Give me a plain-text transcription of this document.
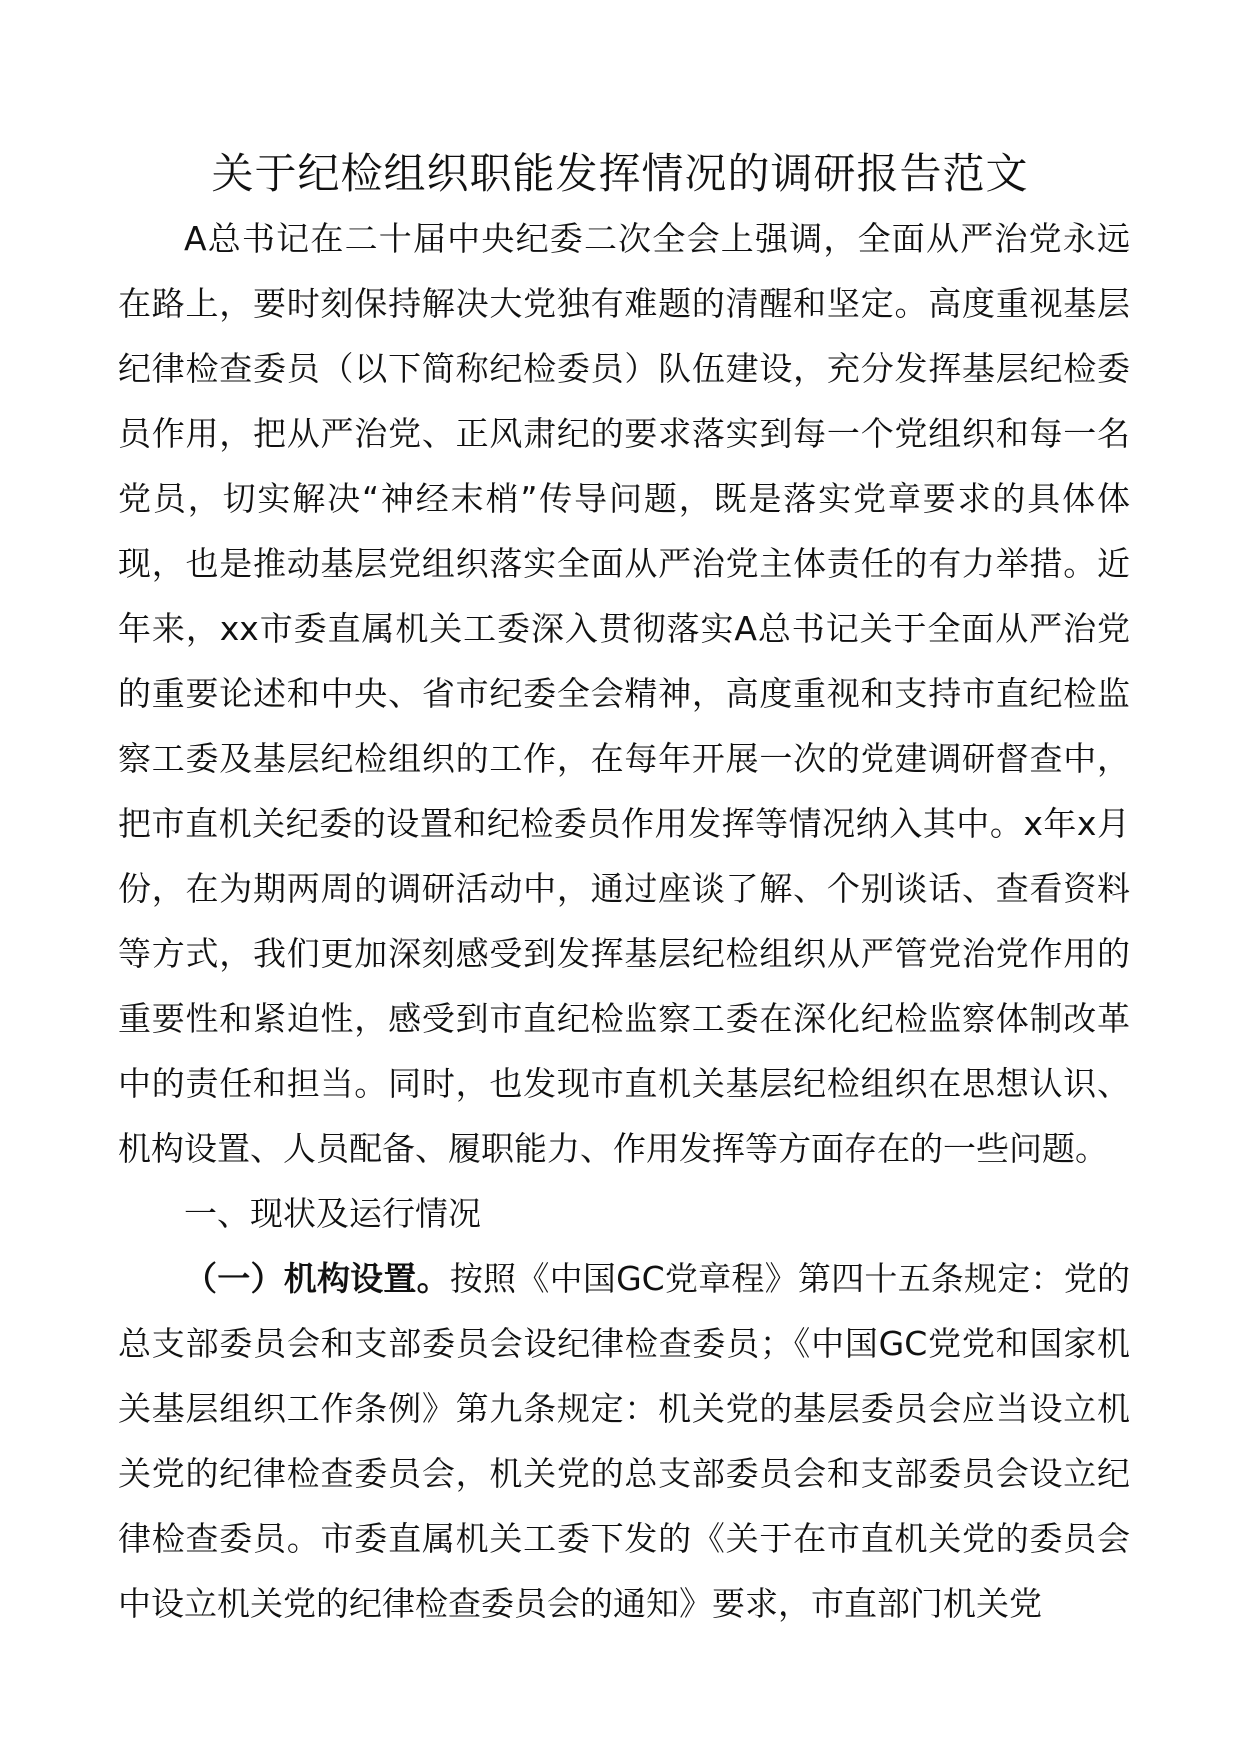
关于纪检组织职能发挥情况的调研报告范文

A总书记在二十届中央纪委二次全会上强调，全面从严治党永远在路上，要时刻保持解决大党独有难题的清醒和坚定。高度重视基层纪律检查委员（以下简称纪检委员）队伍建设，充分发挥基层纪检委员作用，把从严治党、正风肃纪的要求落实到每一个党组织和每一名党员，切实解决“神经末梢”传导问题，既是落实党章要求的具体体现，也是推动基层党组织落实全面从严治党主体责任的有力举措。近年来，xx市委直属机关工委深入贯彻落实A总书记关于全面从严治党的重要论述和中央、省市纪委全会精神，高度重视和支持市直纪检监察工委及基层纪检组织的工作，在每年开展一次的党建调研督查中，把市直机关纪委的设置和纪检委员作用发挥等情况纳入其中。x年x月份，在为期两周的调研活动中，通过座谈了解、个别谈话、查看资料等方式，我们更加深刻感受到发挥基层纪检组织从严管党治党作用的重要性和紧迫性，感受到市直纪检监察工委在深化纪检监察体制改革中的责任和担当。同时，也发现市直机关基层纪检组织在思想认识、机构设置、人员配备、履职能力、作用发挥等方面存在的一些问题。

一、现状及运行情况

（一）机构设置。按照《中国GC党章程》第四十五条规定：党的总支部委员会和支部委员会设纪律检查委员；《中国GC党党和国家机关基层组织工作条例》第九条规定：机关党的基层委员会应当设立机关党的纪律检查委员会，机关党的总支部委员会和支部委员会设立纪律检查委员。市委直属机关工委下发的《关于在市直机关党的委员会中设立机关党的纪律检查委员会的通知》要求，市直部门机关党
